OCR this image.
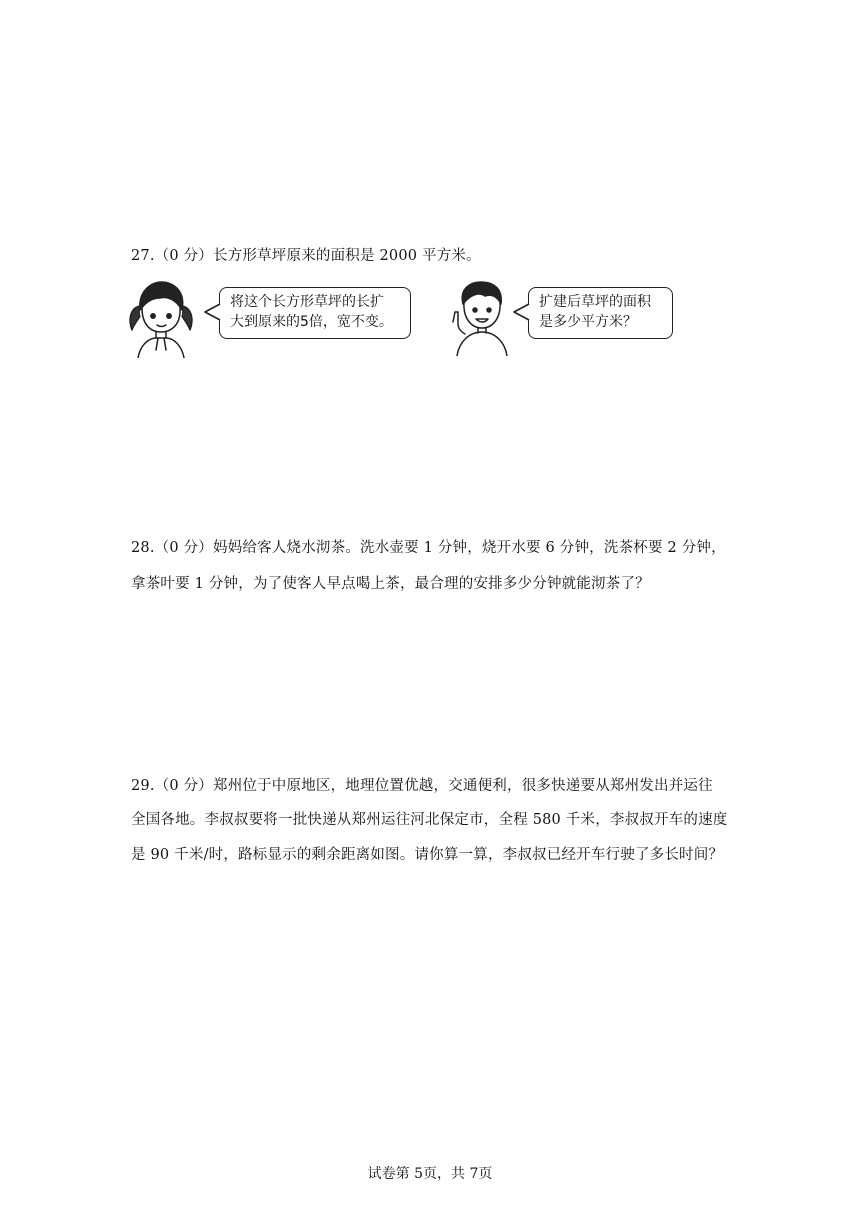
27.（0 分）长方形草坪原来的面积是 2000 平方米。
将这个长方形草坪的长扩
大到原来的5倍，宽不变。
扩建后草坪的面积
是多少平方米？
28.（0 分）妈妈给客人烧水沏茶。洗水壶要 1 分钟，烧开水要 6 分钟，洗茶杯要 2 分钟，
拿茶叶要 1 分钟，为了使客人早点喝上茶，最合理的安排多少分钟就能沏茶了？
29.（0 分）郑州位于中原地区，地理位置优越，交通便利，很多快递要从郑州发出并运往
全国各地。李叔叔要将一批快递从郑州运往河北保定市，全程 580 千米，李叔叔开车的速度
是 90 千米/时，路标显示的剩余距离如图。请你算一算，李叔叔已经开车行驶了多长时间？
试卷第 5页，共 7页
